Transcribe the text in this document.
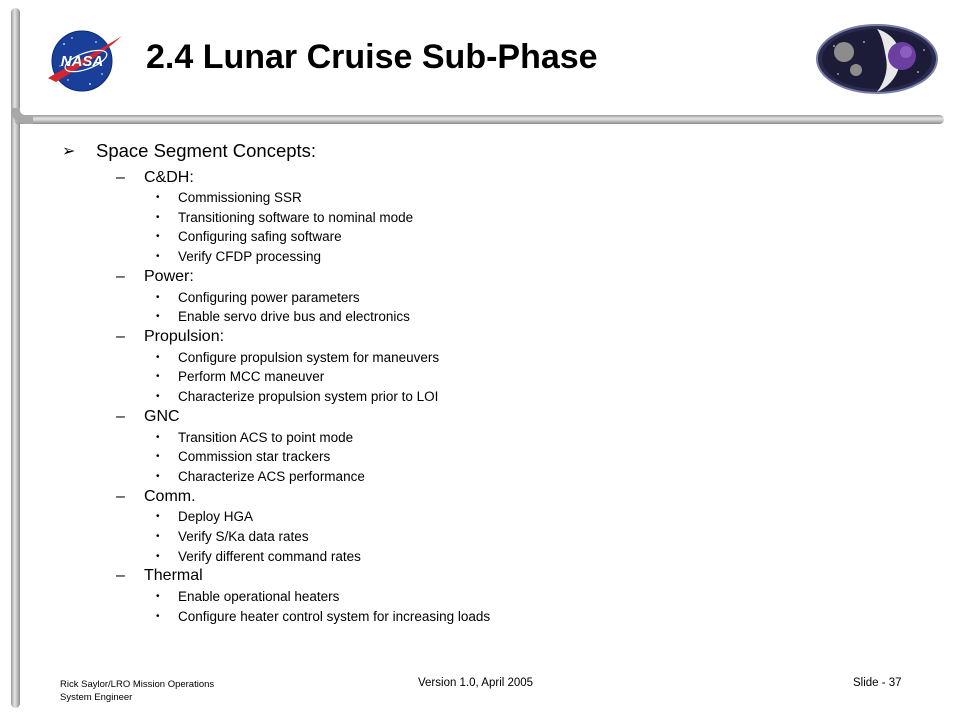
NASA 2.4 Lunar Cruise Sub-Phase
➢	Space Segment Concepts:
–	C&DH:
•	Commissioning SSR
•	Transitioning software to nominal mode
•	Configuring safing software
•	Verify CFDP processing
–	Power:
•	Configuring power parameters
•	Enable servo drive bus and electronics
–	Propulsion:
•	Configure propulsion system for maneuvers
•	Perform MCC maneuver
•	Characterize propulsion system prior to LOI
–	GNC
•	Transition ACS to point mode
•	Commission star trackers
•	Characterize ACS performance
–	Comm.
•	Deploy HGA
•	Verify S/Ka data rates
•	Verify different command rates
–	Thermal
•	Enable operational heaters
•	Configure heater control system for increasing loads
Rick Saylor/LRO Mission Operations
System Engineer
Version 1.0, April 2005	Slide - 37
